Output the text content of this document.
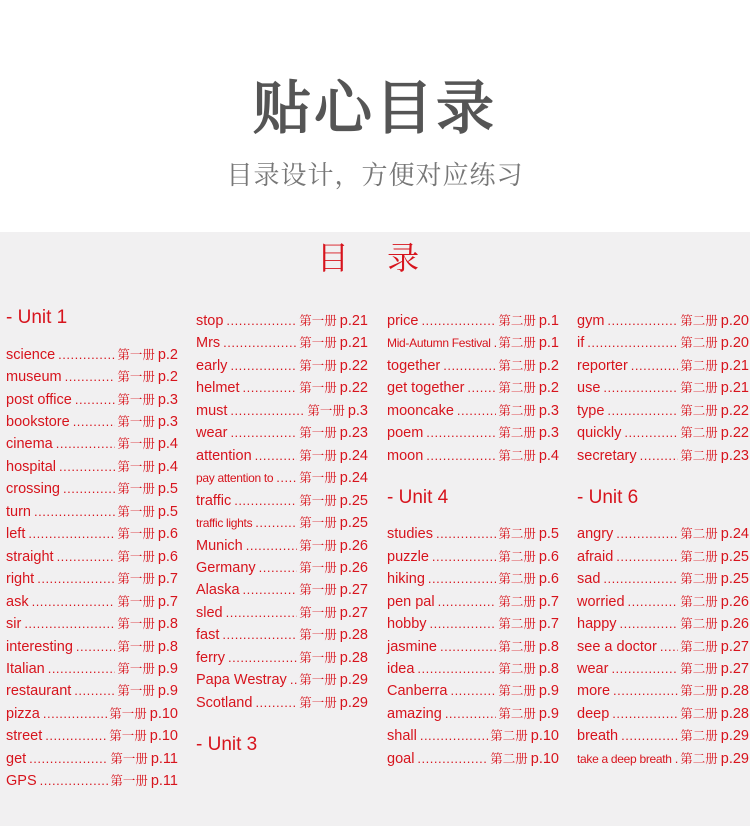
贴心目录
目录设计，方便对应练习
目 录
- Unit 1
science .....	第一册 p.2
museum .....	第一册 p.2
post office .....	第一册 p.3
bookstore .....	第一册 p.3
cinema .....	第一册 p.4
hospital .....	第一册 p.4
crossing .....	第一册 p.5
turn .....	第一册 p.5
left .....	第一册 p.6
straight .....	第一册 p.6
right .....	第一册 p.7
ask .....	第一册 p.7
sir .....	第一册 p.8
interesting .....	第一册 p.8
Italian .....	第一册 p.9
restaurant .....	第一册 p.9
pizza .....	第一册 p.10
street .....	第一册 p.10
get .....	第一册 p.11
GPS .....	第一册 p.11
stop .....	第一册 p.21
Mrs .....	第一册 p.21
early .....	第一册 p.22
helmet .....	第一册 p.22
must .....	第一册 p.3
wear .....	第一册 p.23
attention .....	第一册 p.24
pay attention to ..... 第一册 p.24
traffic .....	第一册 p.25
traffic lights .....	第一册 p.25
Munich .....	第一册 p.26
Germany .....	第一册 p.26
Alaska .....	第一册 p.27
sled .....	第一册 p.27
fast .....	第一册 p.28
ferry .....	第一册 p.28
Papa Westray ..... 第一册 p.29
Scotland .....	第一册 p.29
- Unit 3
price .....	第二册 p.1
Mid-Autumn Festival ..... 第二册 p.1
together .....	第二册 p.2
get together .....	第二册 p.2
mooncake .....	第二册 p.3
poem .....	第二册 p.3
moon .....	第二册 p.4
- Unit 4
studies .....	第二册 p.5
puzzle .....	第二册 p.6
hiking .....	第二册 p.6
pen pal .....	第二册 p.7
hobby .....	第二册 p.7
jasmine .....	第二册 p.8
idea .....	第二册 p.8
Canberra .....	第二册 p.9
amazing .....	第二册 p.9
shall .....	第二册 p.10
goal .....	第二册 p.10
gym .....	第二册 p.20
if .....	第二册 p.20
reporter .....	第二册 p.21
use .....	第二册 p.21
type .....	第二册 p.22
quickly .....	第二册 p.22
secretary .....	第二册 p.23
- Unit 6
angry .....	第二册 p.24
afraid .....	第二册 p.25
sad .....	第二册 p.25
worried .....	第二册 p.26
happy .....	第二册 p.26
see a doctor ..... 第二册 p.27
wear .....	第二册 p.27
more .....	第二册 p.28
deep .....	第二册 p.28
breath .....	第二册 p.29
take a deep breath ..... 第二册 p.29
